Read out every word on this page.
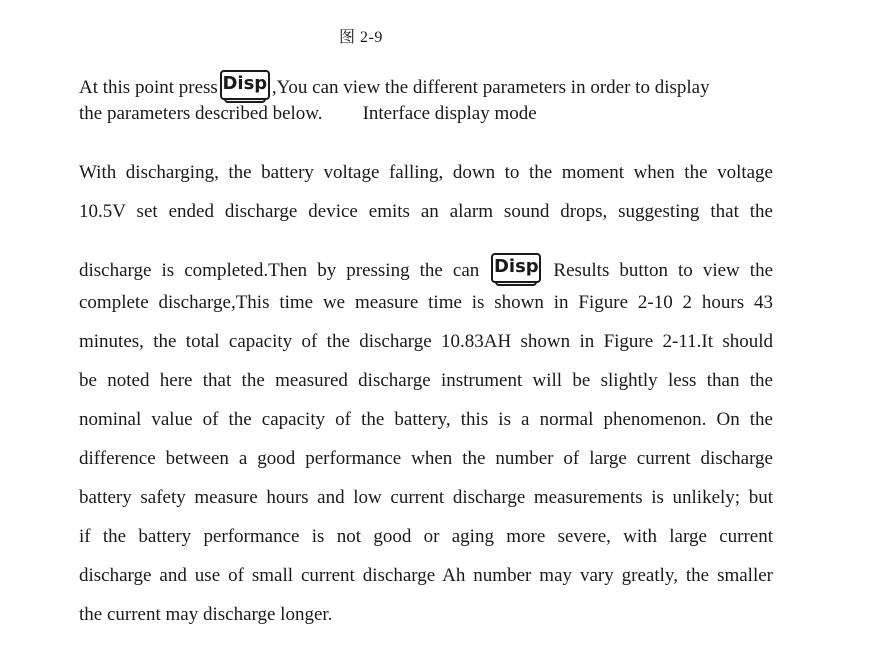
图 2-9
At this point press Disp ,You can view the different parameters in order to display
the parameters described below. Interface display mode
With discharging, the battery voltage falling, down to the moment when the voltage
10.5V set ended discharge device emits an alarm sound drops, suggesting that the
discharge is completed.Then by pressing the can Disp Results button to view the
complete discharge,This time we measure time is shown in Figure 2-10 2 hours 43
minutes, the total capacity of the discharge 10.83AH shown in Figure 2-11.It should
be noted here that the measured discharge instrument will be slightly less than the
nominal value of the capacity of the battery, this is a normal phenomenon. On the
difference between a good performance when the number of large current discharge
battery safety measure hours and low current discharge measurements is unlikely; but
if the battery performance is not good or aging more severe, with large current
discharge and use of small current discharge Ah number may vary greatly, the smaller
the current may discharge longer.
